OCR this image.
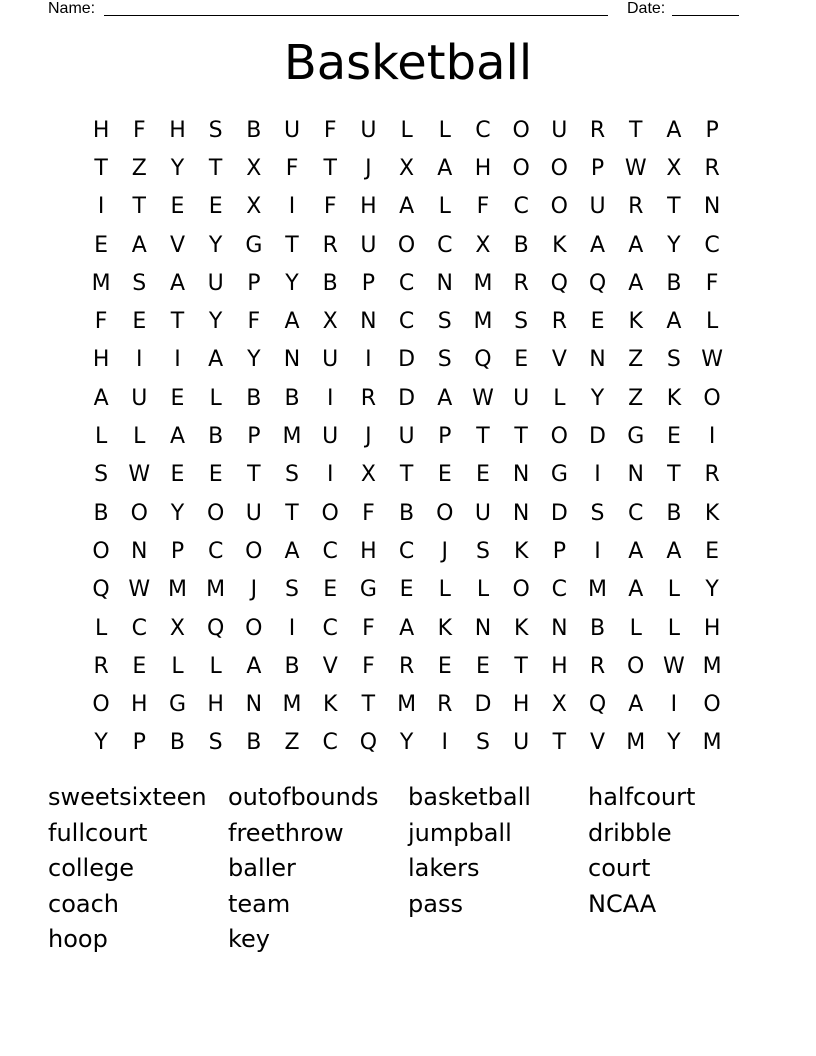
Name:	Date:
Basketball
H	F	H	S	B	U	F	U	L	L	C O U	R	T	A	P
T	Z	Y	T	X	F	T	J	X	A	H O O	P W X	R
I	T	E	E	X	I	F	H	A	L	F	C O U	R	T	N
E	A	V	Y	G	T	R	U O C	X	B	K	A	A	Y	C
M S	A	U	P	Y	B	P	C	N M R Q Q	A	B	F
F	E	T	Y	F	A	X	N	C	S M S	R	E	K	A	L
H	I	I	A	Y	N U	I	D	S	Q	E	V	N	Z	S W
A	U	E	L	B	B	I	R	D	A W U	L	Y	Z	K	O
L	L	A	B	P	M U	J	U	P	T	T	O D G	E	I
S W E	E	T	S	I	X	T	E	E	N G	I	N	T	R
B O	Y	O U	T	O	F	B O U N D	S	C	B	K
O N	P	C O	A	C	H	C	J	S	K	P	I	A	A	E
Q W M M	J	S	E	G	E	L	L	O C M A	L	Y
L	C	X Q O	I	C	F	A	K	N	K	N	B	L	L	H
R	E	L	L	A	B	V	F	R	E	E	T	H	R O W M
O H G H N M K	T M R	D H	X Q	A	I	O
Y	P	B	S	B	Z	C Q	Y	I	S	U	T	V M Y M
sweetsixteen outofbounds	basketball	halfcourt
fullcourt	freethrow	jumpball	dribble
college	baller	lakers	court
coach	team	pass	NCAA
hoop	key
